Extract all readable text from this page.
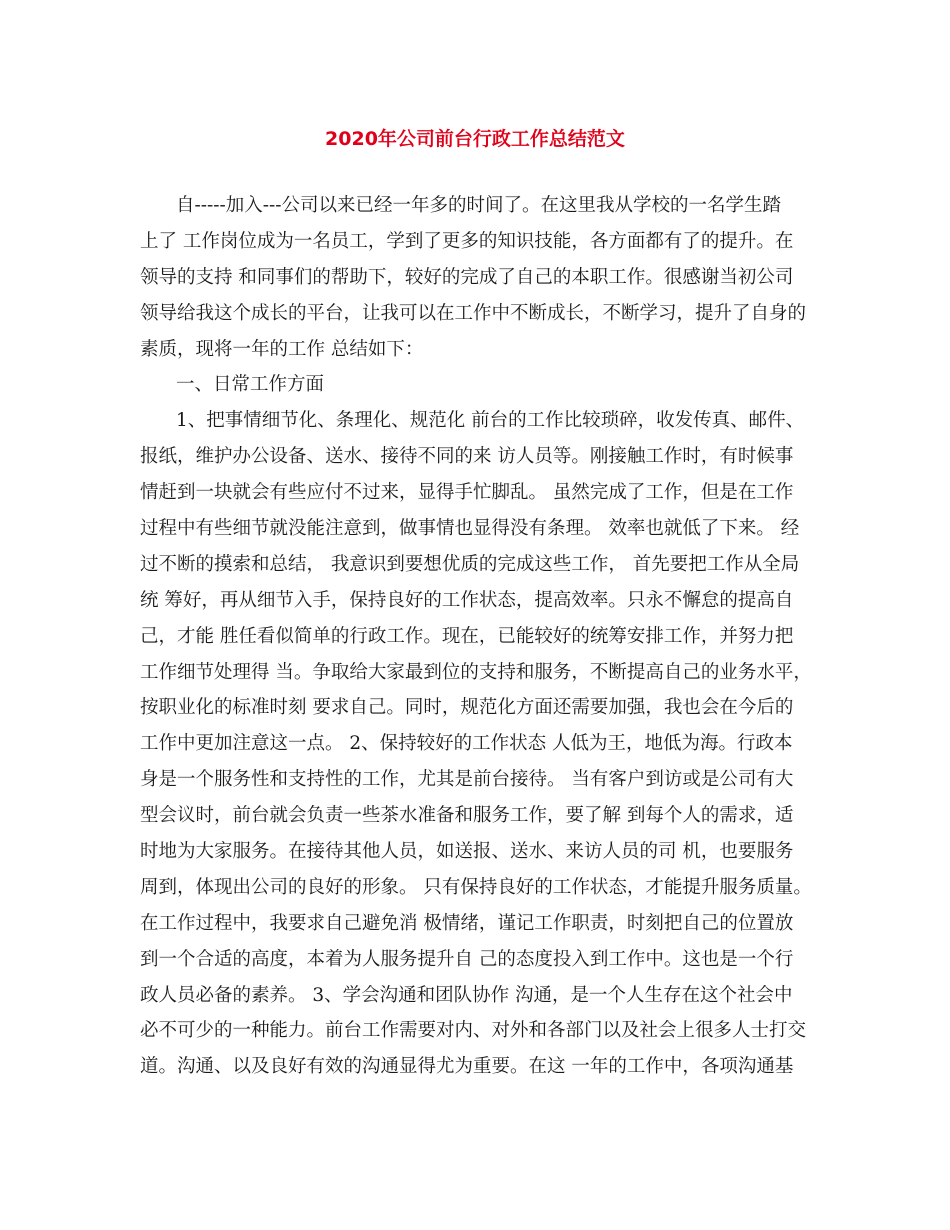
2020年公司前台行政工作总结范文
自-----加入---公司以来已经一年多的时间了。在这里我从学校的一名学生踏
上了 工作岗位成为一名员工，学到了更多的知识技能，各方面都有了的提升。在
领导的支持 和同事们的帮助下，较好的完成了自己的本职工作。很感谢当初公司
领导给我这个成长的平台，让我可以在工作中不断成长，不断学习，提升了自身的
素质，现将一年的工作 总结如下：
一、日常工作方面
1、把事情细节化、条理化、规范化 前台的工作比较琐碎，收发传真、邮件、
报纸，维护办公设备、送水、接待不同的来 访人员等。刚接触工作时，有时候事
情赶到一块就会有些应付不过来，显得手忙脚乱。 虽然完成了工作，但是在工作
过程中有些细节就没能注意到，做事情也显得没有条理。 效率也就低了下来。 经
过不断的摸索和总结， 我意识到要想优质的完成这些工作， 首先要把工作从全局
统 筹好，再从细节入手，保持良好的工作状态，提高效率。只永不懈怠的提高自
己，才能 胜任看似简单的行政工作。现在，已能较好的统筹安排工作，并努力把
工作细节处理得 当。争取给大家最到位的支持和服务，不断提高自己的业务水平，
按职业化的标准时刻 要求自己。同时，规范化方面还需要加强，我也会在今后的
工作中更加注意这一点。 2、保持较好的工作状态 人低为王，地低为海。行政本
身是一个服务性和支持性的工作，尤其是前台接待。 当有客户到访或是公司有大
型会议时，前台就会负责一些茶水准备和服务工作，要了解 到每个人的需求，适
时地为大家服务。在接待其他人员，如送报、送水、来访人员的司 机，也要服务
周到，体现出公司的良好的形象。 只有保持良好的工作状态，才能提升服务质量。
在工作过程中，我要求自己避免消 极情绪，谨记工作职责，时刻把自己的位置放
到一个合适的高度，本着为人服务提升自 己的态度投入到工作中。这也是一个行
政人员必备的素养。 3、学会沟通和团队协作 沟通，是一个人生存在这个社会中
必不可少的一种能力。前台工作需要对内、对外和各部门以及社会上很多人士打交
道。沟通、以及良好有效的沟通显得尤为重要。在这 一年的工作中，各项沟通基
